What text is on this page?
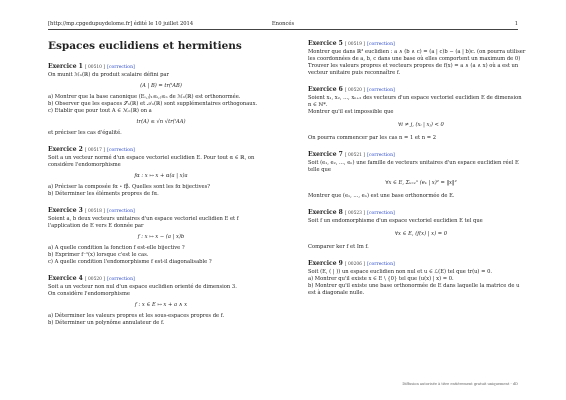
[http://mp.cpgedupuydelome.fr] édité le 10 juillet 2014	Enoncés	1
Espaces euclidiens et hermitiens
Exercice 1 [ 00510 ] [correction]
On munit ℳₙ(ℝ) du produit scalaire défini par
(A | B) = tr(ᵗAB)
a) Montrer que la base canonique (Eᵢ,ⱼ)₁≤ᵢ,ⱼ≤ₙ de ℳₙ(ℝ) est orthonormée.
b) Observer que les espaces 𝒮ₙ(ℝ) et 𝒜ₙ(ℝ) sont supplémentaires orthogonaux.
c) Etablir que pour tout A ∈ ℳₙ(ℝ) on a
tr(A) ≤ √n √tr(ᵗAA)
et préciser les cas d'égalité.
Exercice 2 [ 00517 ] [correction]
Soit a un vecteur normé d'un espace vectoriel euclidien E. Pour tout α ∈ ℝ, on
considère l'endomorphisme
fα : x ↦ x + α(a | x)a
a) Préciser la composée fα ∘ fβ. Quelles sont les fα bijectives?
b) Déterminer les éléments propres de fα.
Exercice 3 [ 00518 ] [correction]
Soient a, b deux vecteurs unitaires d'un espace vectoriel euclidien E et f
l'application de E vers E donnée par
f : x ↦ x − (a | x)b
a) A quelle condition la fonction f est-elle bijective ?
b) Exprimer f⁻¹(x) lorsque c'est le cas.
c) A quelle condition l'endomorphisme f est-il diagonalisable ?
Exercice 4 [ 00520 ] [correction]
Soit a un vecteur non nul d'un espace euclidien orienté de dimension 3.
On considère l'endomorphisme
f : x ∈ E ↦ x + a ∧ x
a) Déterminer les valeurs propres et les sous-espaces propres de f.
b) Déterminer un polynôme annulateur de f.
Exercice 5 [ 00519 ] [correction]
Montrer que dans ℝ³ euclidien : a ∧ (b ∧ c) = (a | c)b − (a | b)c. (on pourra utiliser
les coordonnées de a, b, c dans une base où elles comportent un maximum de 0)
Trouver les valeurs propres et vecteurs propres de f(x) = a ∧ (a ∧ x) où a est un
vecteur unitaire puis reconnaître f.
Exercice 6 [ 00520 ] [correction]
Soient x₁, x₂, ..., xₙ₊₂ des vecteurs d'un espace vectoriel euclidien E de dimension
n ∈ ℕ*.
Montrer qu'il est impossible que
∀i ≠ j, (xᵢ | xⱼ) < 0
On pourra commencer par les cas n = 1 et n = 2
Exercice 7 [ 00521 ] [correction]
Soit (e₁, e₂, ..., eₙ) une famille de vecteurs unitaires d'un espace euclidien réel E
telle que
∀x ∈ E, Σₖ₌₁ⁿ (eₖ | x)² = ‖x‖²
Montrer que (e₁, ..., eₙ) est une base orthonormée de E.
Exercice 8 [ 00523 ] [correction]
Soit f un endomorphisme d'un espace vectoriel euclidien E tel que
∀x ∈ E, (f(x) | x) = 0
Comparer ker f et Im f.
Exercice 9 [ 00206 ] [correction]
Soit (E, ( | )) un espace euclidien non nul et u ∈ ℒ(E) tel que tr(u) = 0.
a) Montrer qu'il existe x ∈ E \ {0} tel que (u(x) | x) = 0.
b) Montrer qu'il existe une base orthonormée de E dans laquelle la matrice de u
est à diagonale nulle.
Diffusion autorisée à titre entièrement gratuit uniquement - dD
